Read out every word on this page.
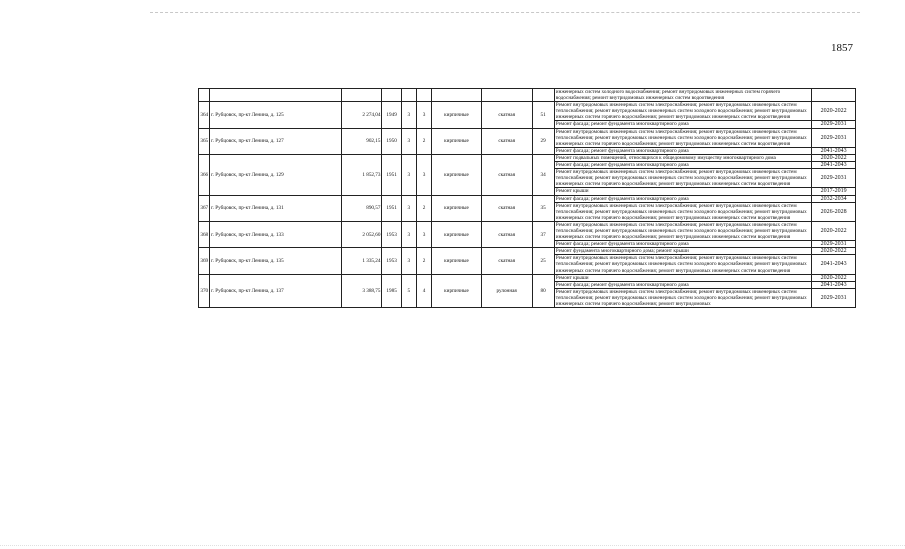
1857
									инженерных систем холодного водоснабжения; ремонт внутридомовых инженерных систем горячего водоснабжения; ремонт внутридомовых инженерных систем водоотведения	
364	г. Рубцовск, пр-кт Ленина, д. 125	2 274,04	1949	3	3	кирпичные	скатная	51	Ремонт внутридомовых инженерных систем электроснабжения; ремонт внутридомовых инженерных систем теплоснабжения; ремонт внутридомовых инженерных систем холодного водоснабжения; ремонт внутридомовых инженерных систем горячего водоснабжения; ремонт внутридомовых инженерных систем водоотведения	2020-2022
									Ремонт фасада; ремонт фундамента многоквартирного дома	2029-2031
365	г. Рубцовск, пр-кт Ленина, д. 127	902,15	1950	3	2	кирпичные	скатная	29	Ремонт внутридомовых инженерных систем электроснабжения; ремонт внутридомовых инженерных систем теплоснабжения; ремонт внутридомовых инженерных систем холодного водоснабжения; ремонт внутридомовых инженерных систем горячего водоснабжения; ремонт внутридомовых инженерных систем водоотведения	2029-2031
									Ремонт фасада; ремонт фундамента многоквартирного дома	2041-2043
366	г. Рубцовск, пр-кт Ленина, д. 129	1 852,73	1951	3	3	кирпичные	скатная	34	Ремонт подвальных помещений, относящихся к общедомовому имуществу многоквартирного дома	2020-2022
									Ремонт фасада; ремонт фундамента многоквартирного дома	2041-2043
									Ремонт внутридомовых инженерных систем электроснабжения; ремонт внутридомовых инженерных систем теплоснабжения; ремонт внутридомовых инженерных систем холодного водоснабжения; ремонт внутридомовых инженерных систем горячего водоснабжения; ремонт внутридомовых инженерных систем водоотведения	2029-2031
									Ремонт крыши	2017-2019
367	г. Рубцовск, пр-кт Ленина, д. 131	890,57	1951	3	2	кирпичные	скатная	35	Ремонт фасада; ремонт фундамента многоквартирного дома	2032-2034
									Ремонт внутридомовых инженерных систем электроснабжения; ремонт внутридомовых инженерных систем теплоснабжения; ремонт внутридомовых инженерных систем холодного водоснабжения; ремонт внутридомовых инженерных систем горячего водоснабжения; ремонт внутридомовых инженерных систем водоотведения	2026-2028
368	г. Рубцовск, пр-кт Ленина, д. 133	2 052,60	1953	3	3	кирпичные	скатная	37	Ремонт внутридомовых инженерных систем электроснабжения; ремонт внутридомовых инженерных систем теплоснабжения; ремонт внутридомовых инженерных систем холодного водоснабжения; ремонт внутридомовых инженерных систем горячего водоснабжения; ремонт внутридомовых инженерных систем водоотведения	2020-2022
									Ремонт фасада; ремонт фундамента многоквартирного дома	2029-2031
369	г. Рубцовск, пр-кт Ленина, д. 135	1 335,24	1953	3	2	кирпичные	скатная	25	Ремонт фундамента многоквартирного дома; ремонт крыши	2020-2022
									Ремонт внутридомовых инженерных систем электроснабжения; ремонт внутридомовых инженерных систем теплоснабжения; ремонт внутридомовых инженерных систем холодного водоснабжения; ремонт внутридомовых инженерных систем горячего водоснабжения; ремонт внутридомовых инженерных систем водоотведения	2041-2043
370	г. Рубцовск, пр-кт Ленина, д. 137	3 388,75	1985	5	4	кирпичные	рулонная	80	Ремонт крыши	2020-2022
									Ремонт фасада; ремонт фундамента многоквартирного дома	2041-2043
									Ремонт внутридомовых инженерных систем электроснабжения; ремонт внутридомовых инженерных систем теплоснабжения; ремонт внутридомовых инженерных систем холодного водоснабжения; ремонт внутридомовых инженерных систем горячего водоснабжения; ремонт внутридомовых	2029-2031
